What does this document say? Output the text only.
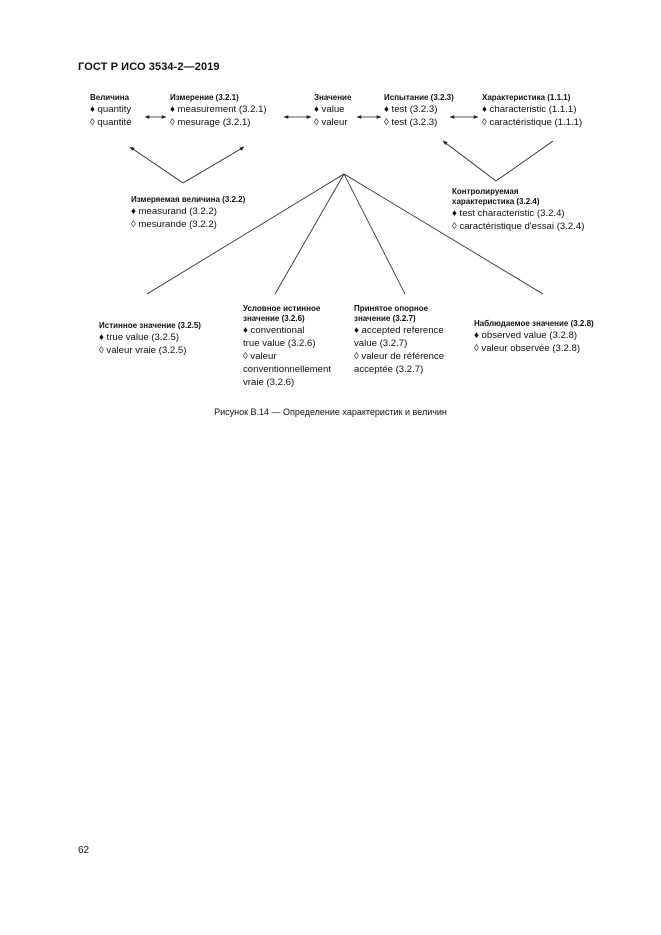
ГОСТ Р ИСО 3534-2—2019
Величина
♦ quantity
◊ quantité
Измерение (3.2.1)
♦ measurement (3.2.1)
◊ mesurage (3.2.1)
Значение
♦ value
◊ valeur
Испытание (3.2.3)
♦ test (3.2.3)
◊ test (3.2.3)
Характеристика (1.1.1)
♦ characteristic (1.1.1)
◊ caractéristique (1.1.1)
Измеряемая величина (3.2.2)
♦ measurand (3.2.2)
◊ mesurande (3.2.2)
Контролируемая характеристика (3.2.4)
♦ test characteristic (3.2.4)
◊ caractéristique d'essai (3.2.4)
Истинное значение (3.2.5)
♦ true value (3.2.5)
◊ valeur vraie (3.2.5)
Условное истинное значение (3.2.6)
♦ conventional true value (3.2.6)
◊ valeur conventionnellement vraie (3.2.6)
Принятое опорное значение (3.2.7)
♦ accepted reference value (3.2.7)
◊ valeur de référence acceptée (3.2.7)
Наблюдаемое значение (3.2.8)
♦ observed value (3.2.8)
◊ valeur observée (3.2.8)
Рисунок B.14 — Определение характеристик и величин
62
